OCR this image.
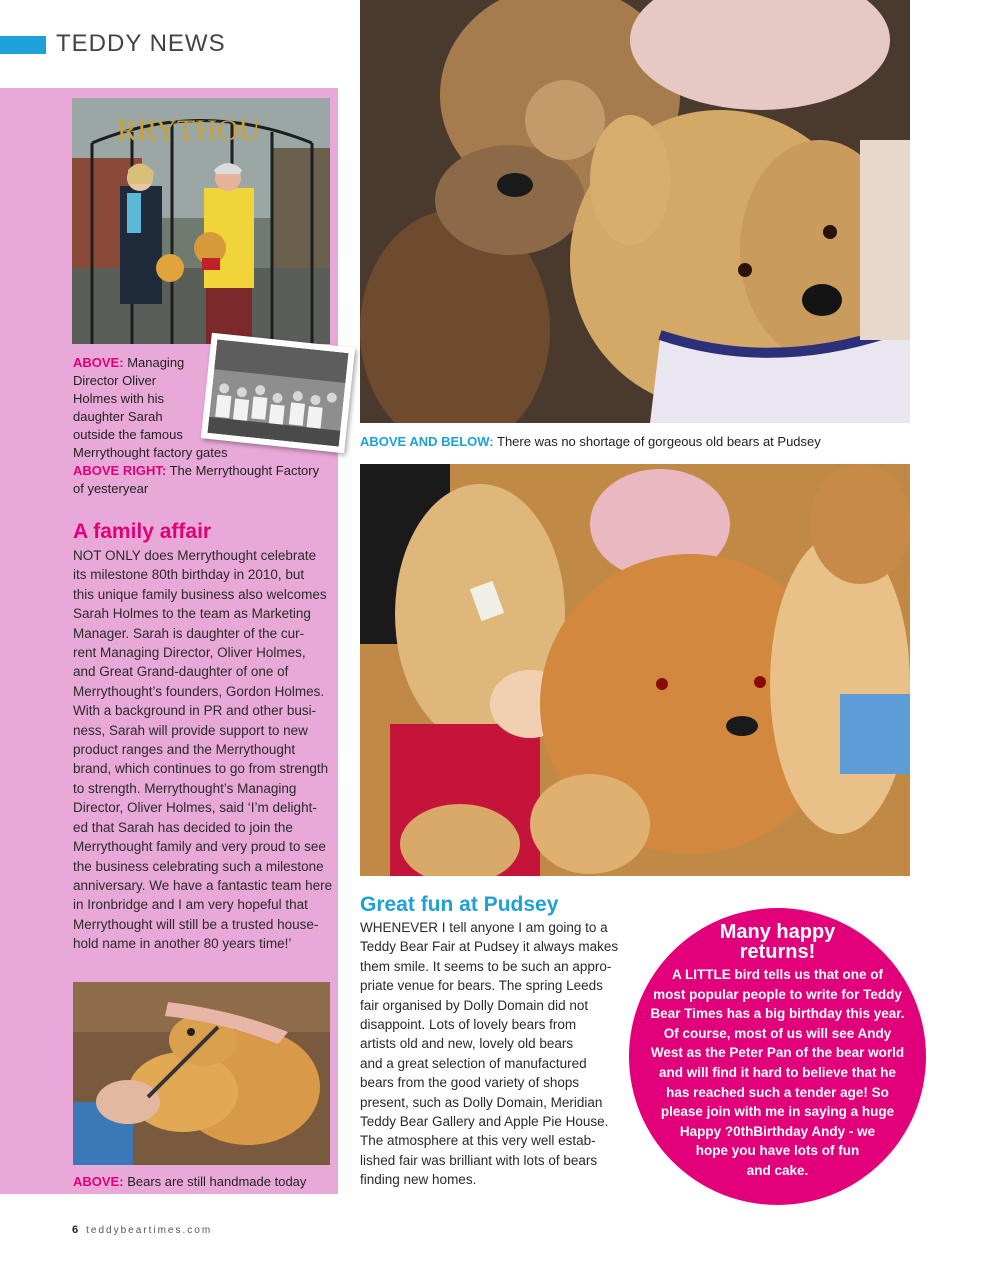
TEDDY NEWS
RRYTHOU
ABOVE: Managing
Director Oliver
Holmes with his
daughter Sarah
outside the famous
Merrythought factory gates
ABOVE RIGHT: The Merrythought Factory
of yesteryear
A family affair
NOT ONLY does Merrythought celebrate
its milestone 80th birthday in 2010, but
this unique family business also welcomes
Sarah Holmes to the team as Marketing
Manager. Sarah is daughter of the cur-
rent Managing Director, Oliver Holmes,
and Great Grand-daughter of one of
Merrythought’s founders, Gordon Holmes.
With a background in PR and other busi-
ness, Sarah will provide support to new
product ranges and the Merrythought
brand, which continues to go from strength
to strength. Merrythought’s Managing
Director, Oliver Holmes, said ‘I’m delight-
ed that Sarah has decided to join the
Merrythought family and very proud to see
the business celebrating such a milestone
anniversary. We have a fantastic team here
in Ironbridge and I am very hopeful that
Merrythought will still be a trusted house-
hold name in another 80 years time!’
ABOVE: Bears are still handmade today
ABOVE AND BELOW: There was no shortage of gorgeous old bears at Pudsey
Great fun at Pudsey
WHENEVER I tell anyone I am going to a
Teddy Bear Fair at Pudsey it always makes
them smile. It seems to be such an appro-
priate venue for bears. The spring Leeds
fair organised by Dolly Domain did not
disappoint. Lots of lovely bears from
artists old and new, lovely old bears
and a great selection of manufactured
bears from the good variety of shops
present, such as Dolly Domain, Meridian
Teddy Bear Gallery and Apple Pie House.
The atmosphere at this very well estab-
lished fair was brilliant with lots of bears
finding new homes.
Many happy
returns!
A LITTLE bird tells us that one of
most popular people to write for Teddy
Bear Times has a big birthday this year.
Of course, most of us will see Andy
West as the Peter Pan of the bear world
and will find it hard to believe that he
has reached such a tender age! So
please join with me in saying a huge
Happy ?0thBirthday Andy - we
hope you have lots of fun
and cake.
6 teddybeartimes.com
